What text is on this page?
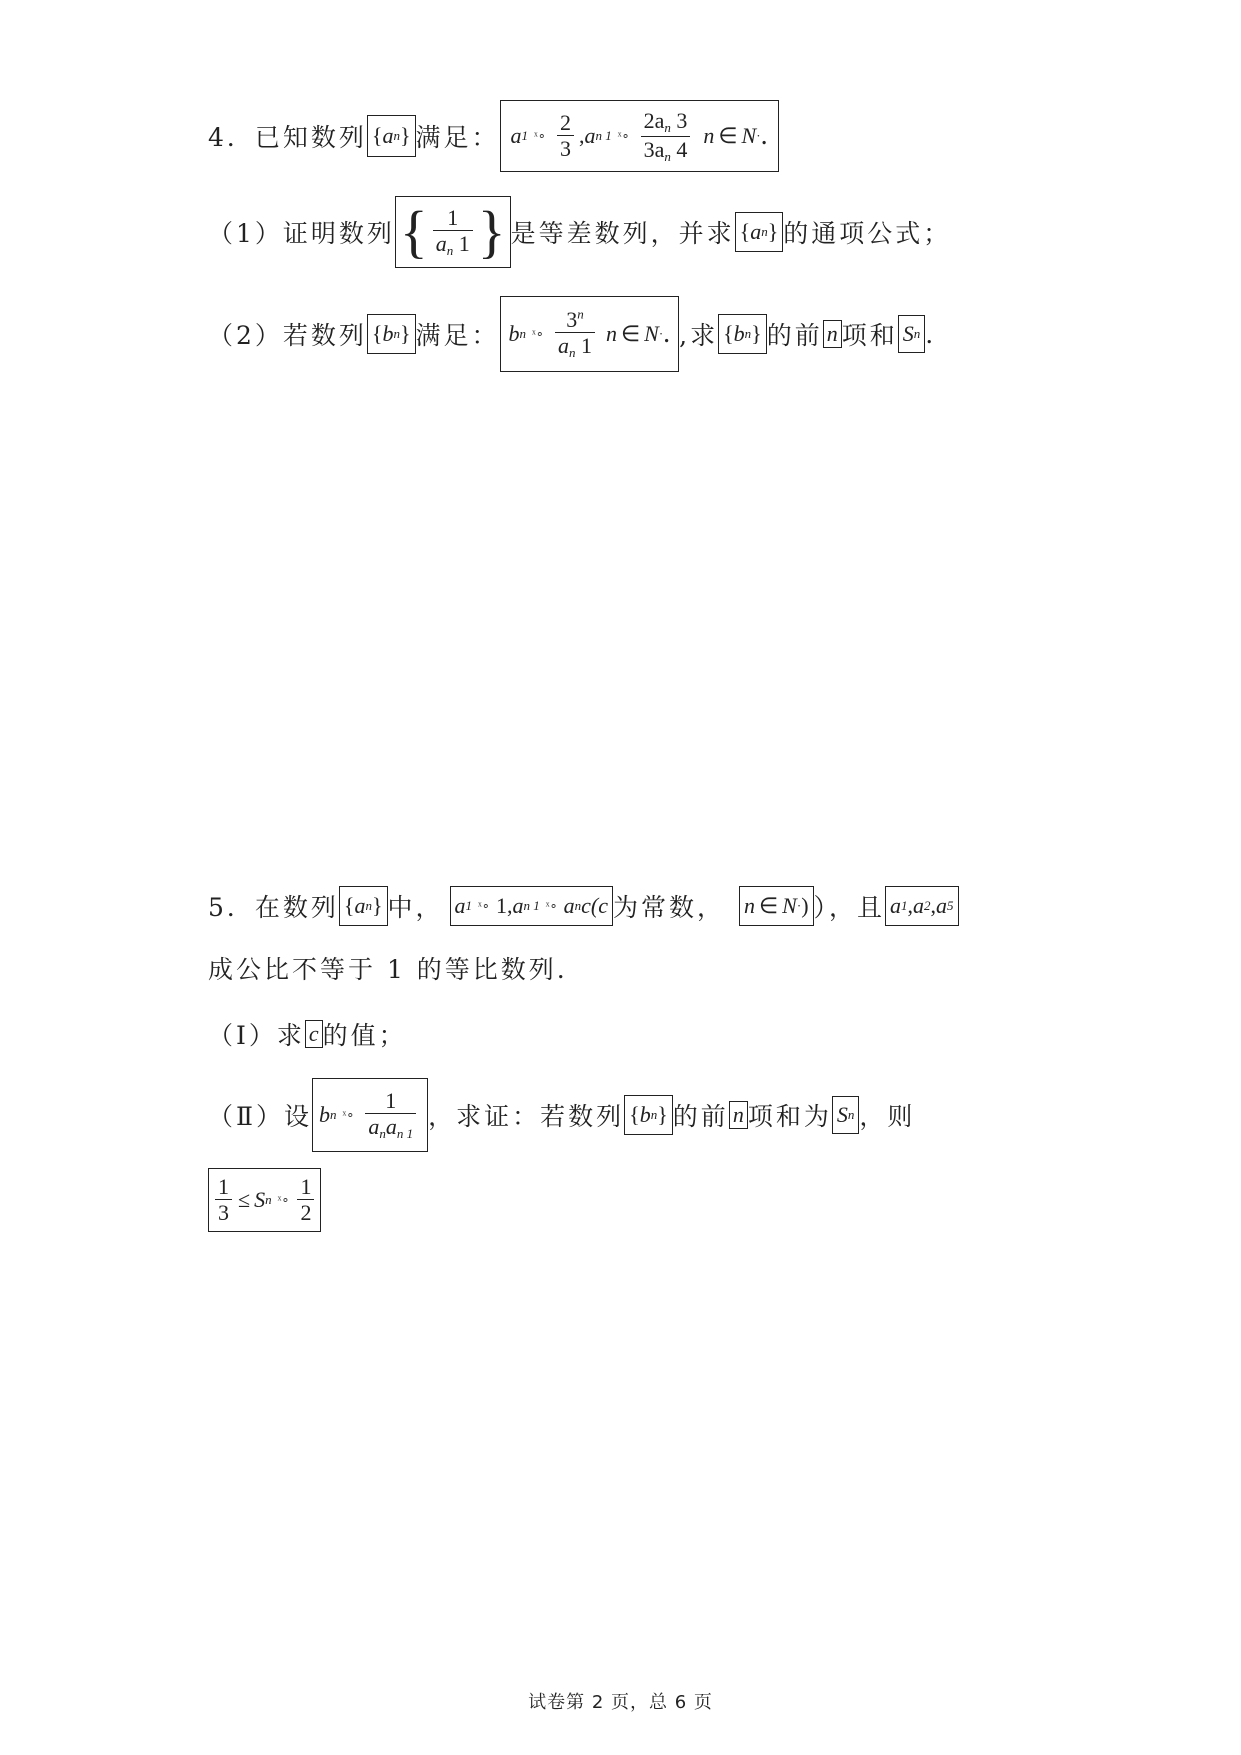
4．已知数列 { a n } 满足： a 1 ˣ∘ $\frac{2}{3}$ , a n 1 ˣ∘ $\frac{2a_n 3}{3a_n 4}$ n ∈ N · .
（1）证明数列 { $\frac{1}{a_n 1}$ } 是等差数列，并求 { a n } 的通项公式；
（2）若数列 { b n } 满足： b n ˣ∘ $\frac{3^n}{a_n 1}$ n ∈ N · . ,求 { b n } 的前 n 项和 S n .
5．在数列 { a n } 中， a 1 ˣ∘ 1, a n 1 ˣ∘ a n c(c 为常数， n ∈ N · ) ），且 a 1 , a 2 , a 5
成公比不等于 1 的等比数列.
（Ⅰ）求 c 的值；
（Ⅱ）设 b n ˣ∘ $\frac{1}{a_na_{n 1}}$ ，求证：若数列 { b n } 的前 n 项和为 S n ，则
$\frac{1}{3} \le S$ n ˣ∘ $\frac{1}{2}$
试卷第 2 页，总 6 页
